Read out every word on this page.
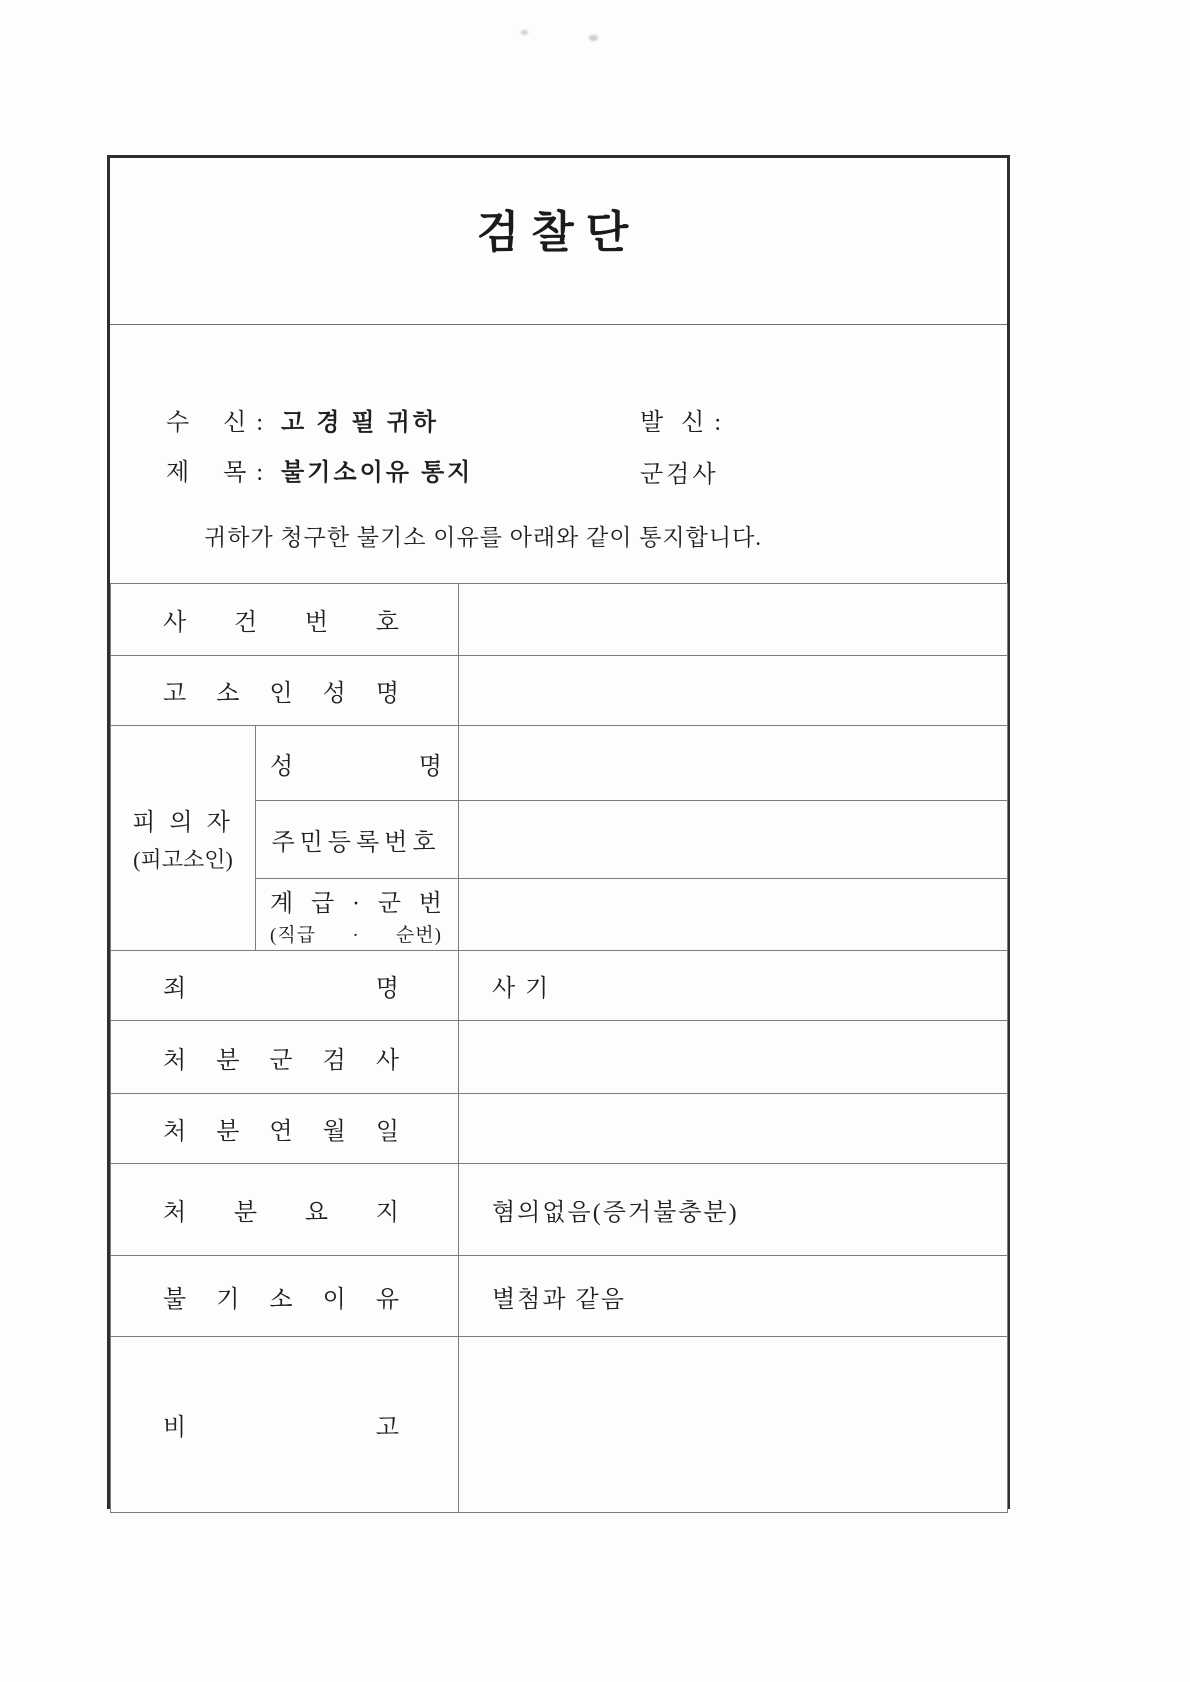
검찰단
수    신 :  고 경 필 귀하	발  신 :
제    목 :  불기소이유 통지	군검사
귀하가 청구한 불기소 이유를 아래와 같이 통지합니다.
사 건 번 호		
고 소 인 성 명		

피 의 자
(피고소인)	성 명	

	주민등록번호	

	계 급 · 군 번
(직급 · 순번)	

죄 명		사 기
처 분 군 검 사		
처 분 연 월 일		
처 분 요 지		혐의없음(증거불충분)
불 기 소 이 유		별첨과 같음
비 고		
